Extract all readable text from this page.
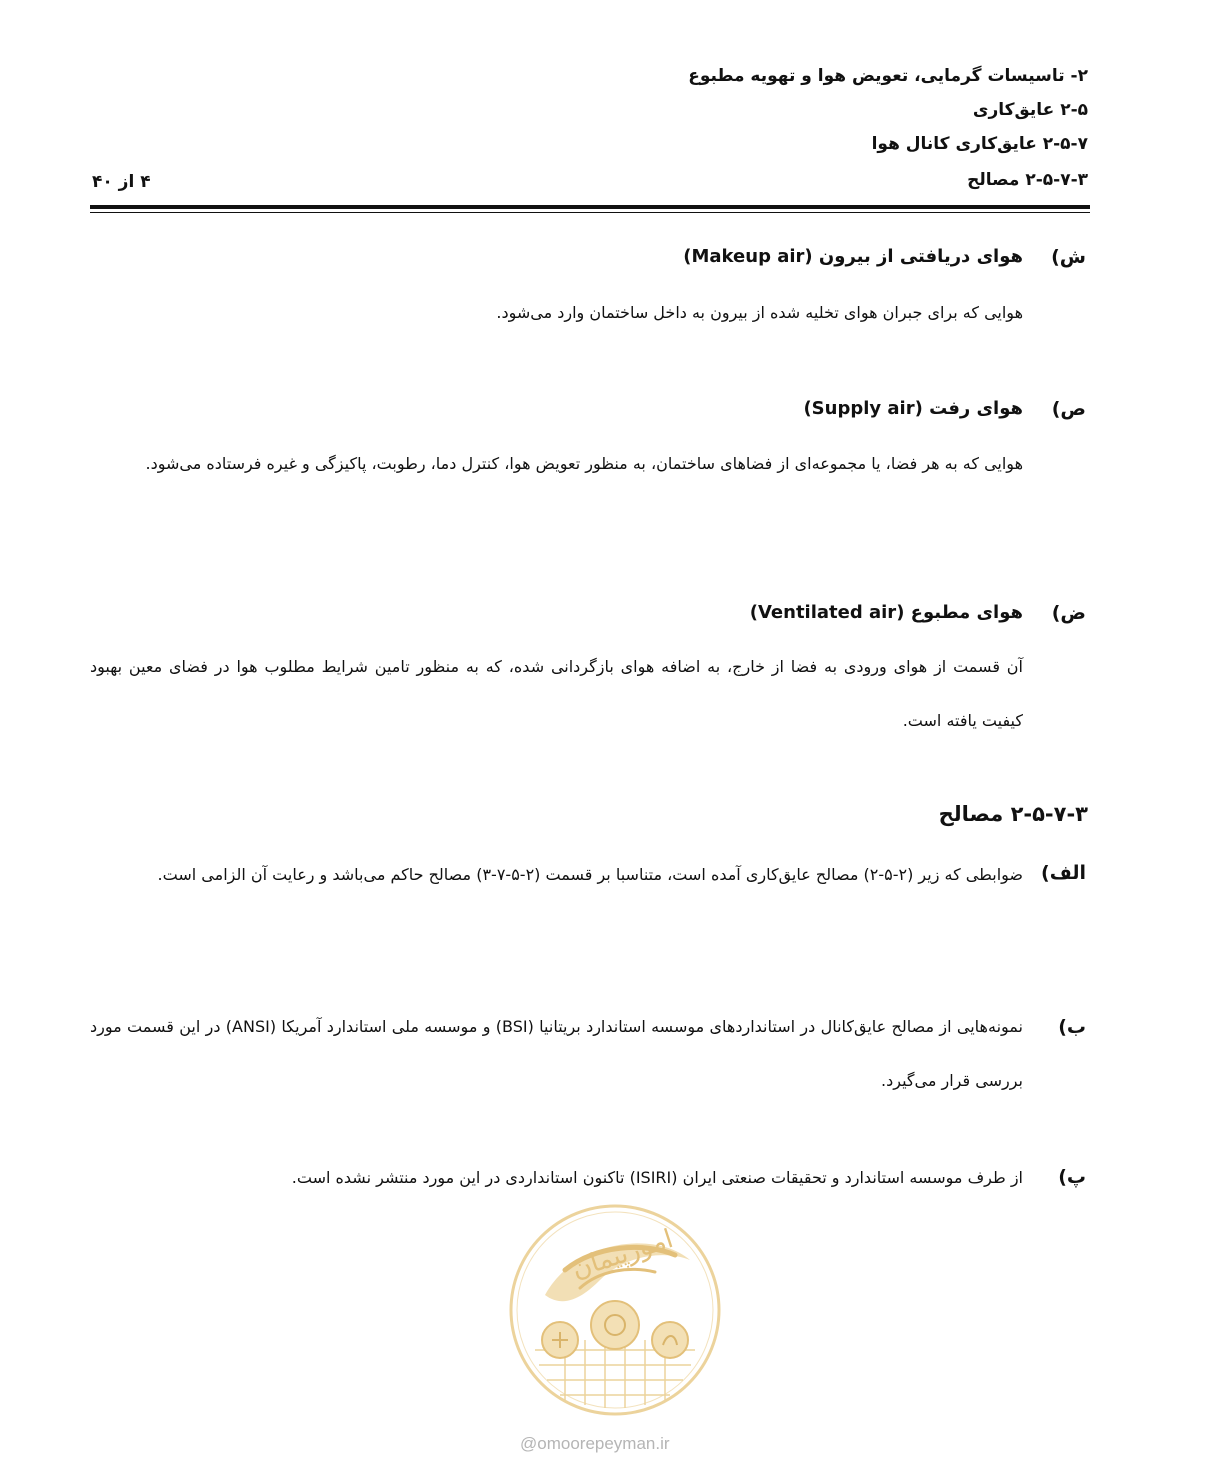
۲- تاسیسات گرمایی، تعویض هوا و تهویه مطبوع
۲-۵ عایق‌کاری
۲-۵-۷ عایق‌کاری کانال هوا
۲-۵-۷-۳ مصالح
۴ از ۴۰
ش)
هوای دریافتی از بیرون (Makeup air)
هوایی که برای جبران هوای تخلیه شده از بیرون به داخل ساختمان وارد می‌شود.
ص)
هوای رفت (Supply air)
هوایی که به هر فضا، یا مجموعه‌ای از فضاهای ساختمان، به منظور تعویض هوا، کنترل دما، رطوبت، پاکیزگی و غیره فرستاده می‌شود.
ض)
هوای مطبوع (Ventilated air)
آن قسمت از هوای ورودی به فضا از خارج، به اضافه هوای بازگردانی شده، که به منظور تامین شرایط مطلوب هوا در فضای معین بهبود کیفیت یافته است.
۲-۵-۷-۳ مصالح
الف)
ضوابطی که زیر (۲-۵-۲) مصالح عایق‌کاری آمده است، متناسبا بر قسمت (۲-۵-۷-۳) مصالح حاکم می‌باشد و رعایت آن الزامی است.
ب)
نمونه‌هایی از مصالح عایق‌کانال در استانداردهای موسسه استاندارد بریتانیا (BSI) و موسسه ملی استاندارد آمریکا (ANSI) در این قسمت مورد بررسی قرار می‌گیرد.
پ)
از طرف موسسه استاندارد و تحقیقات صنعتی ایران (ISIRI) تاکنون استانداردی در این مورد منتشر نشده است.
امورپیمان
@omoorepeyman.ir
